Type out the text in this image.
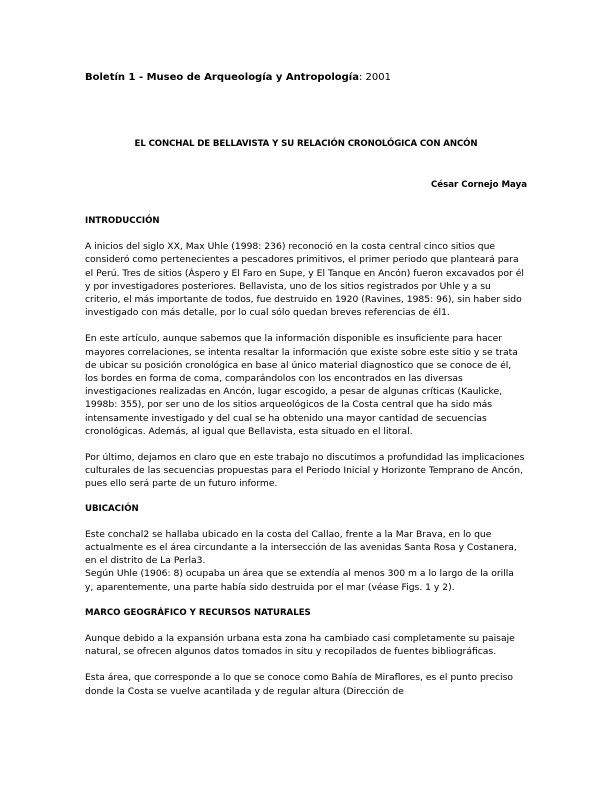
Boletín 1 - Museo de Arqueología y Antropología: 2001
EL CONCHAL DE BELLAVISTA Y SU RELACIÓN CRONOLÓGICA CON ANCÓN
César Cornejo Maya
INTRODUCCIÓN

A inicios del siglo XX, Max Uhle (1998: 236) reconoció en la costa central cinco sitios que consideró como pertenecientes a pescadores primitivos, el primer periodo que planteará para el Perú. Tres de sitios (Áspero y El Faro en Supe, y El Tanque en Ancón) fueron excavados por él y por investigadores posteriores. Bellavista, uno de los sitios registrados por Uhle y a su criterio, el más importante de todos, fue destruido en 1920 (Ravines, 1985: 96), sin haber sido investigado con más detalle, por lo cual sólo quedan breves referencias de él1.

En este artículo, aunque sabemos que la información disponible es insuficiente para hacer mayores correlaciones, se intenta resaltar la información que existe sobre este sitio y se trata de ubicar su posición cronológica en base al único material diagnostico que se conoce de él, los bordes en forma de coma, comparándolos con los encontrados en las diversas investigaciones realizadas en Ancón, lugar escogido, a pesar de algunas críticas (Kaulicke, 1998b: 355), por ser uno de los sitios arqueológicos de la Costa central que ha sido más intensamente investigado y del cual se ha obtenido una mayor cantidad de secuencias cronológicas. Además, al igual que Bellavista, esta situado en el litoral.

Por último, dejamos en claro que en este trabajo no discutimos a profundidad las implicaciones culturales de las secuencias propuestas para el Periodo Inicial y Horizonte Temprano de Ancón, pues ello será parte de un futuro informe.

UBICACIÓN

Este conchal2 se hallaba ubicado en la costa del Callao, frente a la Mar Brava, en lo que actualmente es el área circundante a la intersección de las avenidas Santa Rosa y Costanera, en el distrito de La Perla3.

Según Uhle (1906: 8) ocupaba un área que se extendía al menos 300 m a lo largo de la orilla y, aparentemente, una parte había sido destruida por el mar (véase Figs. 1 y 2).

MARCO GEOGRÁFICO Y RECURSOS NATURALES

Aunque debido a la expansión urbana esta zona ha cambiado casi completamente su paisaje natural, se ofrecen algunos datos tomados in situ y recopilados de fuentes bibliográficas.

Esta área, que corresponde a lo que se conoce como Bahía de Miraflores, es el punto preciso donde la Costa se vuelve acantilada y de regular altura (Dirección de
